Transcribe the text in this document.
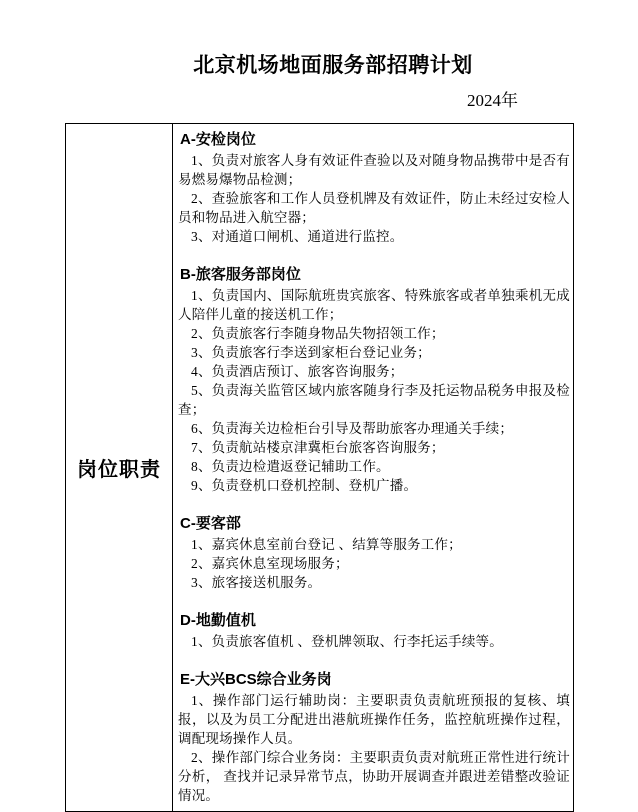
北京机场地面服务部招聘计划
2024年
岗位职责
A-安检岗位

1、负责对旅客人身有效证件查验以及对随身物品携带中是否有易燃易爆物品检测；

2、查验旅客和工作人员登机牌及有效证件，防止未经过安检人员和物品进入航空器；

3、对通道口闸机、通道进行监控。

B-旅客服务部岗位

1、负责国内、国际航班贵宾旅客、特殊旅客或者单独乘机无成人陪伴儿童的接送机工作；

2、负责旅客行李随身物品失物招领工作；

3、负责旅客行李送到家柜台登记业务；

4、负责酒店预订、旅客咨询服务；

5、负责海关监管区域内旅客随身行李及托运物品税务申报及检查；

6、负责海关边检柜台引导及帮助旅客办理通关手续；

7、负责航站楼京津冀柜台旅客咨询服务；

8、负责边检遣返登记辅助工作。

9、负责登机口登机控制、登机广播。

C-要客部

1、嘉宾休息室前台登记 、结算等服务工作；

2、嘉宾休息室现场服务；

3、旅客接送机服务。

D-地勤值机

1、负责旅客值机 、登机牌领取、行李托运手续等。

E-大兴BCS综合业务岗

1、操作部门运行辅助岗：主要职责负责航班预报的复核、填报，以及为员工分配进出港航班操作任务，监控航班操作过程，调配现场操作人员。

2、操作部门综合业务岗：主要职责负责对航班正常性进行统计分析， 查找并记录异常节点，协助开展调查并跟进差错整改验证情况。
